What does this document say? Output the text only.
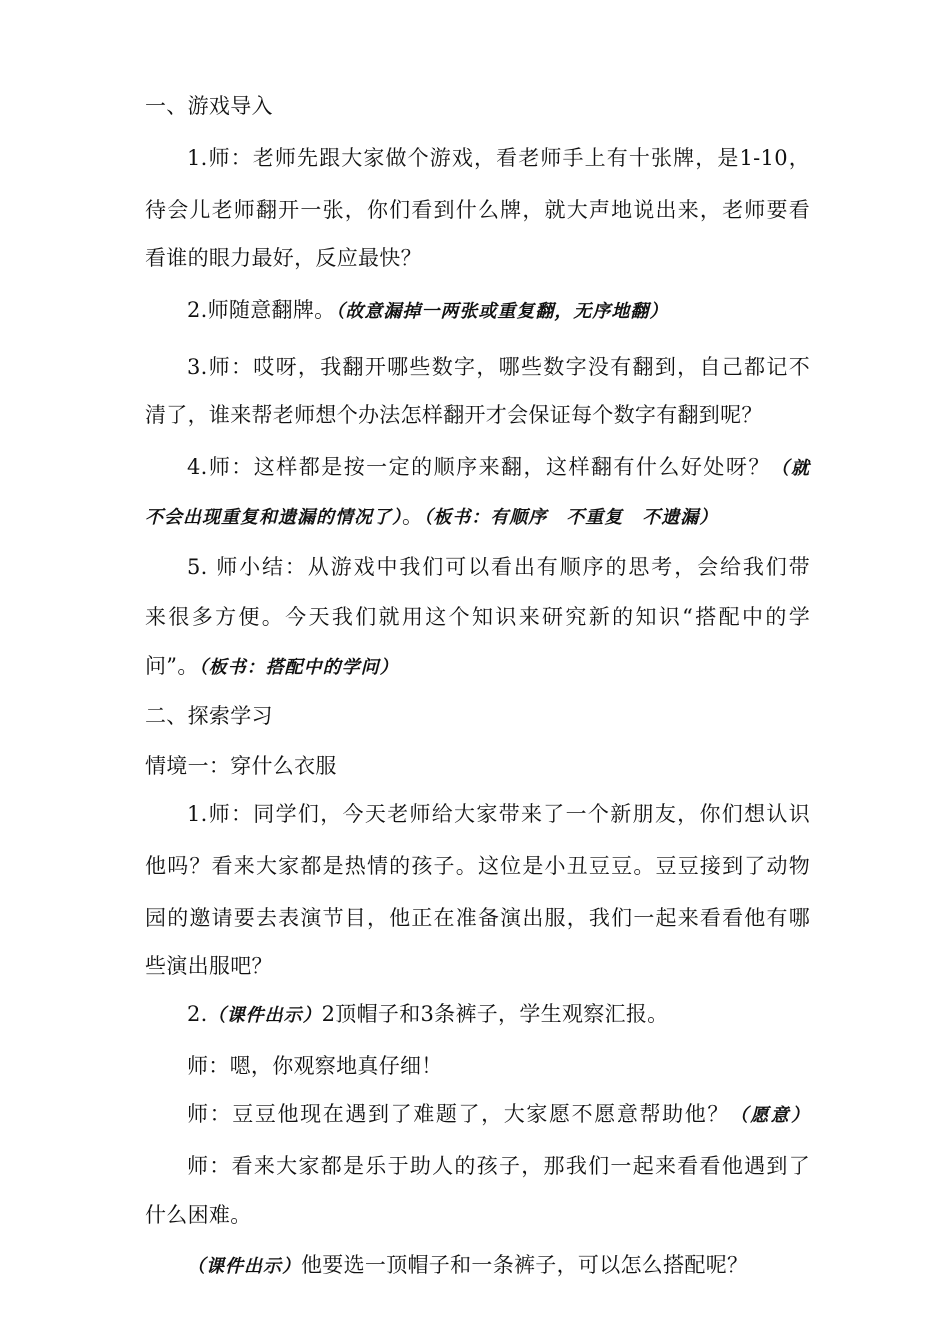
一、游戏导入
1.师：老师先跟大家做个游戏，看老师手上有十张牌，是1-10，
待会儿老师翻开一张，你们看到什么牌，就大声地说出来，老师要看
看谁的眼力最好，反应最快？
2.师随意翻牌。（故意漏掉一两张或重复翻，无序地翻）
3.师：哎呀，我翻开哪些数字，哪些数字没有翻到，自己都记不
清了，谁来帮老师想个办法怎样翻开才会保证每个数字有翻到呢？
4.师：这样都是按一定的顺序来翻，这样翻有什么好处呀？（就
不会出现重复和遗漏的情况了）。（板书：有顺序　不重复　不遗漏）
5. 师小结：从游戏中我们可以看出有顺序的思考，会给我们带
来很多方便。今天我们就用这个知识来研究新的知识“搭配中的学
问”。（板书：搭配中的学问）
二、探索学习
情境一：穿什么衣服
1.师：同学们，今天老师给大家带来了一个新朋友，你们想认识
他吗？看来大家都是热情的孩子。这位是小丑豆豆。豆豆接到了动物
园的邀请要去表演节目，他正在准备演出服，我们一起来看看他有哪
些演出服吧？
2.（课件出示）2顶帽子和3条裤子，学生观察汇报。
师：嗯，你观察地真仔细！
师：豆豆他现在遇到了难题了，大家愿不愿意帮助他？（愿意）
师：看来大家都是乐于助人的孩子，那我们一起来看看他遇到了
什么困难。
（课件出示）他要选一顶帽子和一条裤子，可以怎么搭配呢？
